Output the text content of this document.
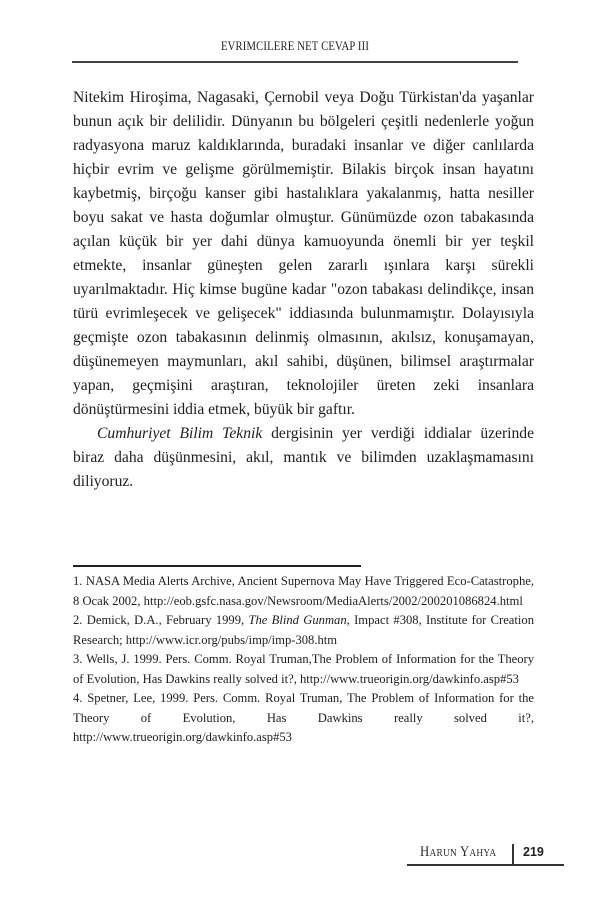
EVRIMCILERE NET CEVAP III

Nitekim Hiroşima, Nagasaki, Çernobil veya Doğu Türkistan'da yaşanlar bunun açık bir delilidir. Dünyanın bu bölgeleri çeşitli nedenlerle yoğun radyasyona maruz kaldıklarında, buradaki insanlar ve diğer canlılarda hiçbir evrim ve gelişme görülmemiştir. Bilakis birçok insan hayatını kaybetmiş, birçoğu kanser gibi hastalıklara yakalanmış, hatta nesiller boyu sakat ve hasta doğumlar olmuştur. Günümüzde ozon tabakasında açılan küçük bir yer dahi dünya kamuoyunda önemli bir yer teşkil etmekte, insanlar güneşten gelen zararlı ışınlara karşı sürekli uyarılmaktadır. Hiç kimse bugüne kadar "ozon tabakası delindikçe, insan türü evrimleşecek ve gelişecek" iddiasında bulunmamıştır. Dolayısıyla geçmişte ozon tabakasının delinmiş olmasının, akılsız, konuşamayan, düşünemeyen maymunları, akıl sahibi, düşünen, bilimsel araştırmalar yapan, geçmişini araştıran, teknolojiler üreten zeki insanlara dönüştürmesini iddia etmek, büyük bir gaftır.

Cumhuriyet Bilim Teknik dergisinin yer verdiği iddialar üzerinde biraz daha düşünmesini, akıl, mantık ve bilimden uzaklaşmamasını diliyoruz.

1. NASA Media Alerts Archive, Ancient Supernova May Have Triggered Eco-Catastrophe, 8 Ocak 2002, http://eob.gsfc.nasa.gov/Newsroom/MediaAlerts/2002/200201086824.html

2. Demick, D.A., February 1999, The Blind Gunman, Impact #308, Institute for Creation Research; http://www.icr.org/pubs/imp/imp-308.htm

3. Wells, J. 1999. Pers. Comm. Royal Truman,The Problem of Information for the Theory of Evolution, Has Dawkins really solved it?, http://www.trueorigin.org/dawkinfo.asp#53

4. Spetner, Lee, 1999. Pers. Comm. Royal Truman, The Problem of Information for the Theory of Evolution, Has Dawkins really solved it?, http://www.trueorigin.org/dawkinfo.asp#53

Harun Yahya 219
